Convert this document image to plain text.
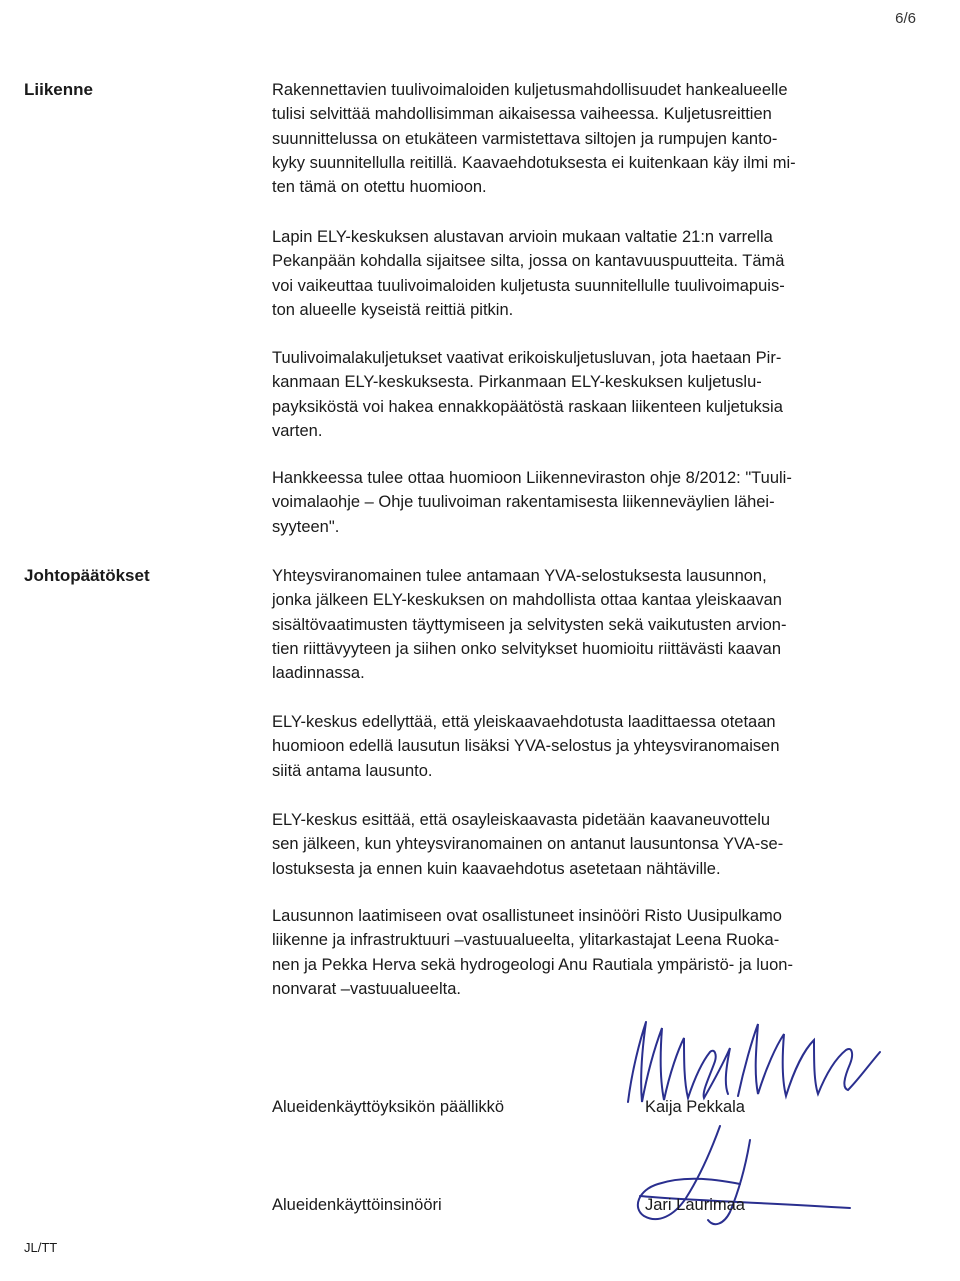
6/6
Liikenne	Rakennettavien tuulivoimaloiden kuljetusmahdollisuudet hankealueelle
tulisi selvittää mahdollisimman aikaisessa vaiheessa. Kuljetusreittien
suunnittelussa on etukäteen varmistettava siltojen ja rumpujen kanto-
kyky suunnitellulla reitillä. Kaavaehdotuksesta ei kuitenkaan käy ilmi mi-
ten tämä on otettu huomioon.

Lapin ELY-keskuksen alustavan arvioin mukaan valtatie 21:n varrella
Pekanpään kohdalla sijaitsee silta, jossa on kantavuuspuutteita. Tämä
voi vaikeuttaa tuulivoimaloiden kuljetusta suunnitellulle tuulivoimapuis-
ton alueelle kyseistä reittiä pitkin.

Tuulivoimalakuljetukset vaativat erikoiskuljetusluvan, jota haetaan Pir-
kanmaan ELY-keskuksesta. Pirkanmaan ELY-keskuksen kuljetuslu-
payksiköstä voi hakea ennakkopäätöstä raskaan liikenteen kuljetuksia
varten.

Hankkeessa tulee ottaa huomioon Liikenneviraston ohje 8/2012: "Tuuli-
voimalaohje – Ohje tuulivoiman rakentamisesta liikenneväylien lähei-
syyteen".

Johtopäätökset	Yhteysviranomainen tulee antamaan YVA-selostuksesta lausunnon,
jonka jälkeen ELY-keskuksen on mahdollista ottaa kantaa yleiskaavan
sisältövaatimusten täyttymiseen ja selvitysten sekä vaikutusten arvion-
tien riittävyyteen ja siihen onko selvitykset huomioitu riittävästi kaavan
laadinnassa.

ELY-keskus edellyttää, että yleiskaavaehdotusta laadittaessa otetaan
huomioon edellä lausutun lisäksi YVA-selostus ja yhteysviranomaisen
siitä antama lausunto.

ELY-keskus esittää, että osayleiskaavasta pidetään kaavaneuvottelu
sen jälkeen, kun yhteysviranomainen on antanut lausuntonsa YVA-se-
lostuksesta ja ennen kuin kaavaehdotus asetetaan nähtäville.

Lausunnon laatimiseen ovat osallistuneet insinööri Risto Uusipulkamo
liikenne ja infrastruktuuri –vastuualueelta, ylitarkastajat Leena Ruoka-
nen ja Pekka Herva sekä hydrogeologi Anu Rautiala ympäristö- ja luon-
nonvarat –vastuualueelta.

Alueidenkäyttöyksikön päällikkö	Kaija Pekkala
Alueidenkäyttöinsinööri	Jari Laurimaa
JL/TT
